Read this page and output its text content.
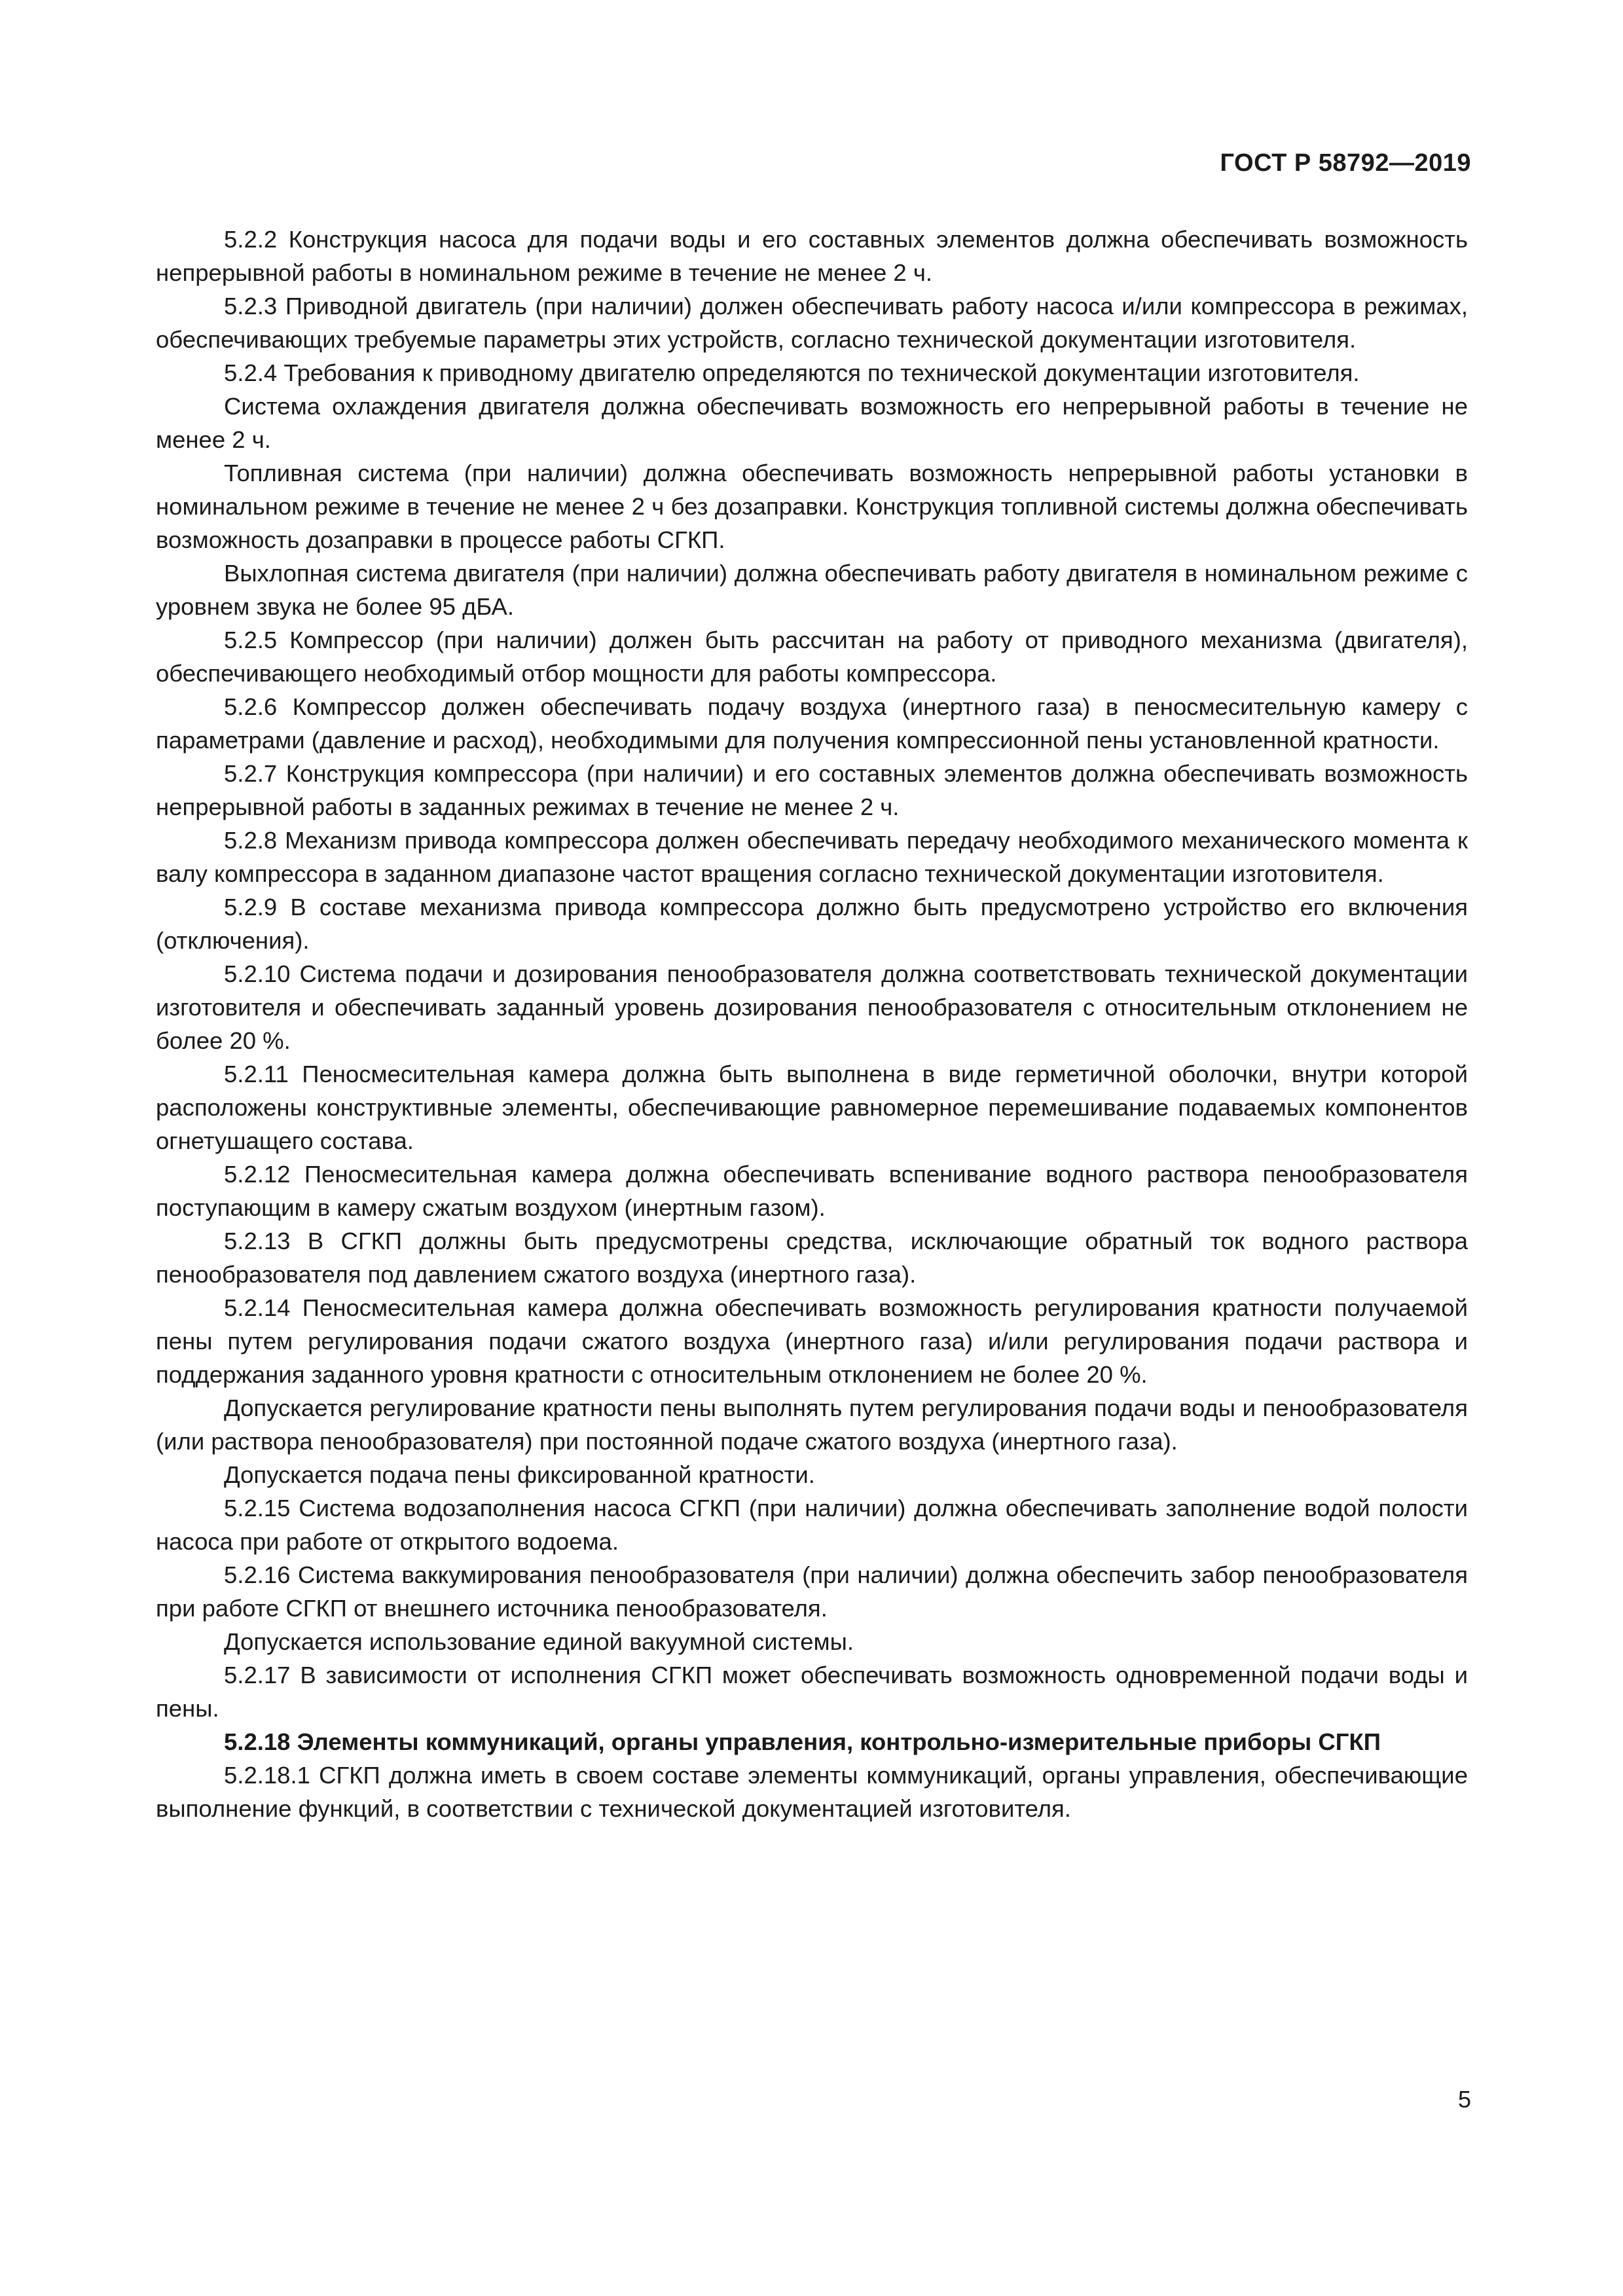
ГОСТ Р 58792—2019

5.2.2 Конструкция насоса для подачи воды и его составных элементов должна обеспечивать возможность непрерывной работы в номинальном режиме в течение не менее 2 ч.

5.2.3 Приводной двигатель (при наличии) должен обеспечивать работу насоса и/или компрессора в режимах, обеспечивающих требуемые параметры этих устройств, согласно технической документации изготовителя.

5.2.4 Требования к приводному двигателю определяются по технической документации изготовителя.

Система охлаждения двигателя должна обеспечивать возможность его непрерывной работы в течение не менее 2 ч.

Топливная система (при наличии) должна обеспечивать возможность непрерывной работы установки в номинальном режиме в течение не менее 2 ч без дозаправки. Конструкция топливной системы должна обеспечивать возможность дозаправки в процессе работы СГКП.

Выхлопная система двигателя (при наличии) должна обеспечивать работу двигателя в номинальном режиме с уровнем звука не более 95 дБА.

5.2.5 Компрессор (при наличии) должен быть рассчитан на работу от приводного механизма (двигателя), обеспечивающего необходимый отбор мощности для работы компрессора.

5.2.6 Компрессор должен обеспечивать подачу воздуха (инертного газа) в пеносмесительную камеру с параметрами (давление и расход), необходимыми для получения компрессионной пены установленной кратности.

5.2.7 Конструкция компрессора (при наличии) и его составных элементов должна обеспечивать возможность непрерывной работы в заданных режимах в течение не менее 2 ч.

5.2.8 Механизм привода компрессора должен обеспечивать передачу необходимого механического момента к валу компрессора в заданном диапазоне частот вращения согласно технической документации изготовителя.

5.2.9 В составе механизма привода компрессора должно быть предусмотрено устройство его включения (отключения).

5.2.10 Система подачи и дозирования пенообразователя должна соответствовать технической документации изготовителя и обеспечивать заданный уровень дозирования пенообразователя с относительным отклонением не более 20 %.

5.2.11 Пеносмесительная камера должна быть выполнена в виде герметичной оболочки, внутри которой расположены конструктивные элементы, обеспечивающие равномерное перемешивание подаваемых компонентов огнетушащего состава.

5.2.12 Пеносмесительная камера должна обеспечивать вспенивание водного раствора пенообразователя поступающим в камеру сжатым воздухом (инертным газом).

5.2.13 В СГКП должны быть предусмотрены средства, исключающие обратный ток водного раствора пенообразователя под давлением сжатого воздуха (инертного газа).

5.2.14 Пеносмесительная камера должна обеспечивать возможность регулирования кратности получаемой пены путем регулирования подачи сжатого воздуха (инертного газа) и/или регулирования подачи раствора и поддержания заданного уровня кратности с относительным отклонением не более 20 %.

Допускается регулирование кратности пены выполнять путем регулирования подачи воды и пенообразователя (или раствора пенообразователя) при постоянной подаче сжатого воздуха (инертного газа).

Допускается подача пены фиксированной кратности.

5.2.15 Система водозаполнения насоса СГКП (при наличии) должна обеспечивать заполнение водой полости насоса при работе от открытого водоема.

5.2.16 Система ваккумирования пенообразователя (при наличии) должна обеспечить забор пенообразователя при работе СГКП от внешнего источника пенообразователя.

Допускается использование единой вакуумной системы.

5.2.17 В зависимости от исполнения СГКП может обеспечивать возможность одновременной подачи воды и пены.

5.2.18 Элементы коммуникаций, органы управления, контрольно-измерительные приборы СГКП

5.2.18.1 СГКП должна иметь в своем составе элементы коммуникаций, органы управления, обеспечивающие выполнение функций, в соответствии с технической документацией изготовителя.

5
